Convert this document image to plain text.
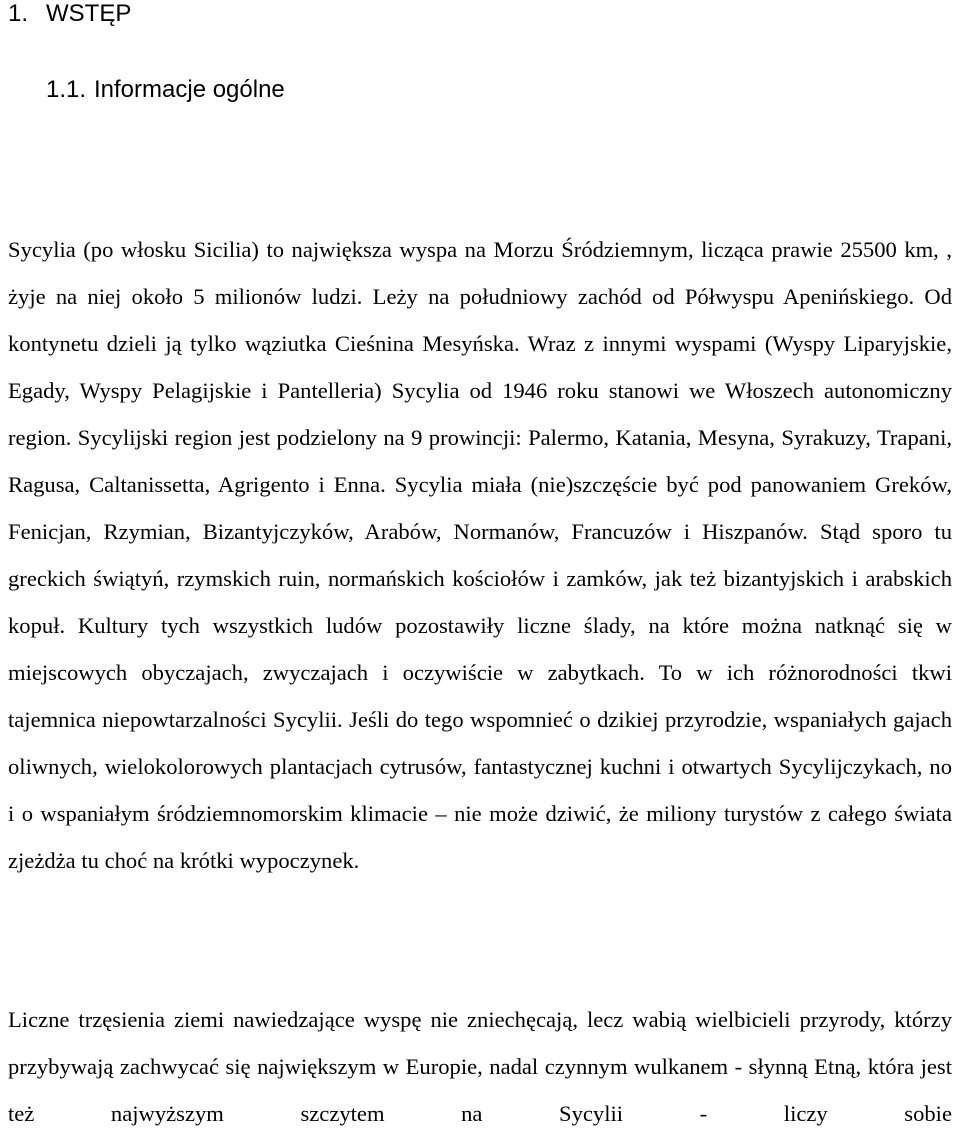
1. WSTĘP
1.1. Informacje ogólne

Sycylia (po włosku Sicilia) to największa wyspa na Morzu Śródziemnym, licząca prawie 25500 km, , żyje na niej około 5 milionów ludzi. Leży na południowy zachód od Półwyspu Apenińskiego. Od kontynetu dzieli ją tylko wąziutka Cieśnina Mesyńska. Wraz z innymi wyspami (Wyspy Liparyjskie, Egady, Wyspy Pelagijskie i Pantelleria) Sycylia od 1946 roku stanowi we Włoszech autonomiczny region. Sycylijski region jest podzielony na 9 prowincji: Palermo, Katania, Mesyna, Syrakuzy, Trapani, Ragusa, Caltanissetta, Agrigento i Enna. Sycylia miała (nie)szczęście być pod panowaniem Greków, Fenicjan, Rzymian, Bizantyjczyków, Arabów, Normanów, Francuzów i Hiszpanów. Stąd sporo tu greckich świątyń, rzymskich ruin, normańskich kościołów i zamków, jak też bizantyjskich i arabskich kopuł. Kultury tych wszystkich ludów pozostawiły liczne ślady, na które można natknąć się w miejscowych obyczajach, zwyczajach i oczywiście w zabytkach. To w ich różnorodności tkwi tajemnica niepowtarzalności Sycylii. Jeśli do tego wspomnieć o dzikiej przyrodzie, wspaniałych gajach oliwnych, wielokolorowych plantacjach cytrusów, fantastycznej kuchni i otwartych Sycylijczykach, no i o wspaniałym śródziemnomorskim klimacie – nie może dziwić, że miliony turystów z całego świata zjeżdża tu choć na krótki wypoczynek.

Liczne trzęsienia ziemi nawiedzające wyspę nie zniechęcają, lecz wabią wielbicieli przyrody, którzy przybywają zachwycać się największym w Europie, nadal czynnym wulkanem - słynną Etną, która jest też najwyższym szczytem na Sycylii - liczy sobie
